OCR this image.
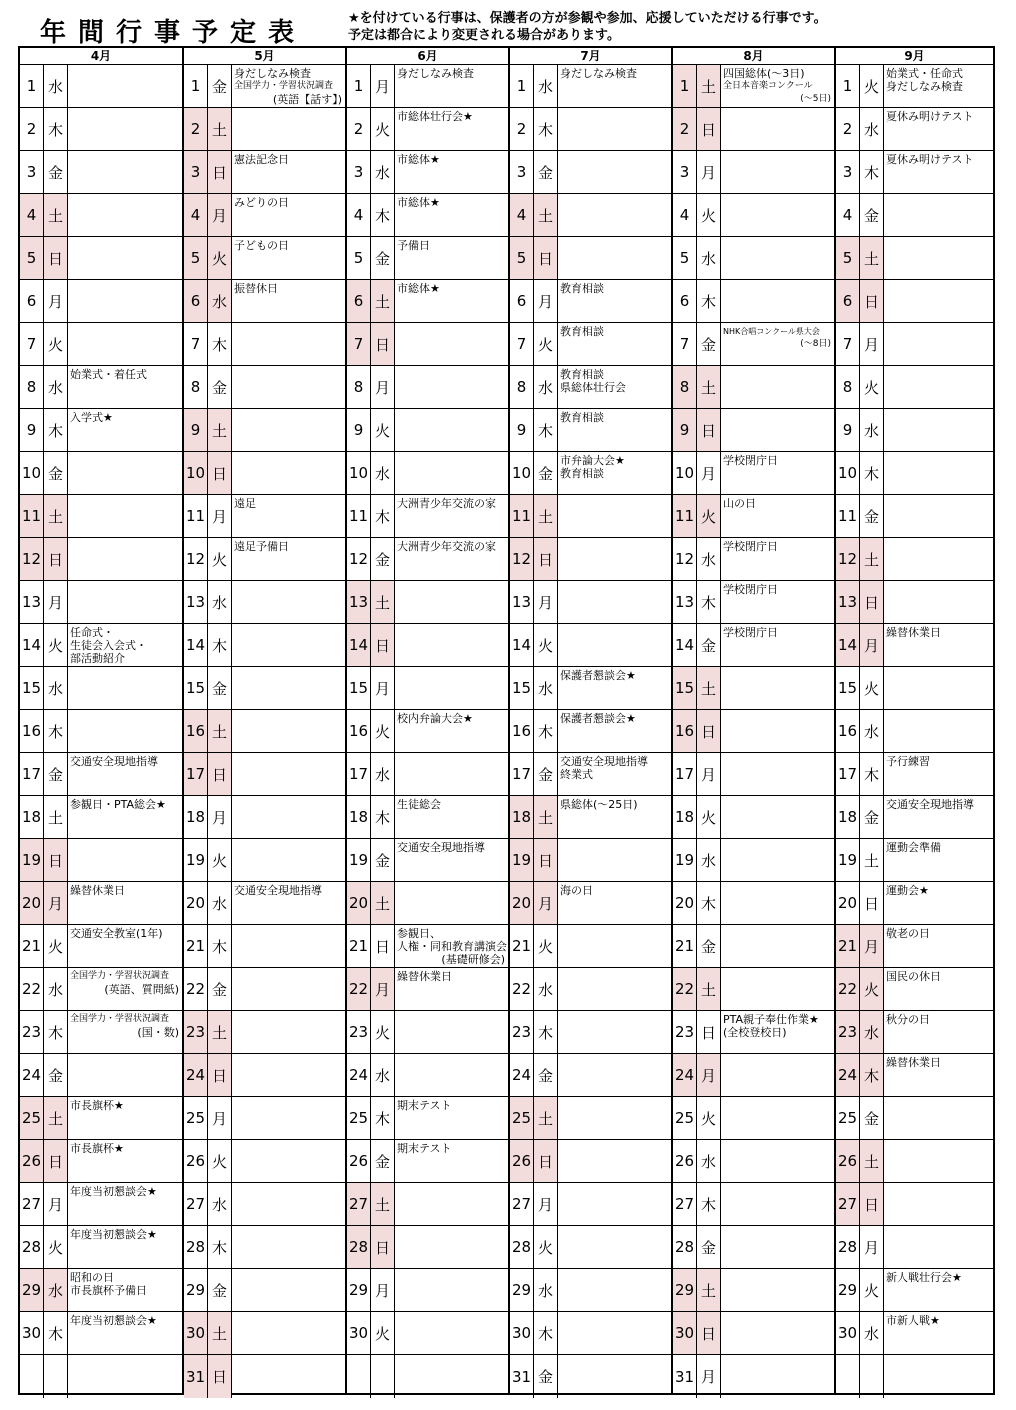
年間行事予定表	★を付けている行事は、保護者の方が参観や参加、応援していただける行事です。
予定は都合により変更される場合があります。
4月
1 水
2 木
3 金
4 土
5 日
6 月
7 火
8 水
始業式・着任式
9 木
入学式★
10 金
11 土
12 日
13 月
14 火
任命式・
生徒会入会式・
部活動紹介
15 水
16 木
17 金
交通安全現地指導
18 土
参観日・PTA総会★
19 日
20 月
繰替休業日
21 火
交通安全教室(1年)
22 水
全国学力・学習状況調査
(英語、質問紙)
23 木
全国学力・学習状況調査
(国・数)
24 金
25 土
市長旗杯★
26 日
市長旗杯★
27 月
年度当初懇談会★
28 火
年度当初懇談会★
29 水
昭和の日
市長旗杯予備日
30 木
年度当初懇談会★
5月
1 金
身だしなみ検査
全国学力・学習状況調査
(英語【話す】)
2 土
3 日
憲法記念日
4 月
みどりの日
5 火
子どもの日
6 水
振替休日
7 木
8 金
9 土
10 日
11 月
遠足
12 火
遠足予備日
13 水
14 木
15 金
16 土
17 日
18 月
19 火
20 水
交通安全現地指導
21 木
22 金
23 土
24 日
25 月
26 火
27 水
28 木
29 金
30 土
31 日
6月
1 月
身だしなみ検査
2 火
市総体壮行会★
3 水
市総体★
4 木
市総体★
5 金
予備日
6 土
市総体★
7 日
8 月
9 火
10 水
11 木
大洲青少年交流の家
12 金
大洲青少年交流の家
13 土
14 日
15 月
16 火
校内弁論大会★
17 水
18 木
生徒総会
19 金
交通安全現地指導
20 土
21 日
参観日、
人権・同和教育講演会
(基礎研修会)
22 月
繰替休業日
23 火
24 水
25 木
期末テスト
26 金
期末テスト
27 土
28 日
29 月
30 火
7月
1 水
身だしなみ検査
2 木
3 金
4 土
5 日
6 月
教育相談
7 火
教育相談
8 水
教育相談
県総体壮行会
9 木
教育相談
10 金
市弁論大会★
教育相談
11 土
12 日
13 月
14 火
15 水
保護者懇談会★
16 木
保護者懇談会★
17 金
交通安全現地指導
終業式
18 土
県総体(～25日)
19 日
20 月
海の日
21 火
22 水
23 木
24 金
25 土
26 日
27 月
28 火
29 水
30 木
31 金
8月
1 土
四国総体(～3日)
全日本音楽コンクール
(～5日)
2 日
3 月
4 火
5 水
6 木
7 金
NHK合唱コンクール県大会
(～8日)
8 土
9 日
10 月
学校閉庁日
11 火
山の日
12 水
学校閉庁日
13 木
学校閉庁日
14 金
学校閉庁日
15 土
16 日
17 月
18 火
19 水
20 木
21 金
22 土
23 日
PTA親子奉仕作業★
(全校登校日)
24 月
25 火
26 水
27 木
28 金
29 土
30 日
31 月
9月
1 火
始業式・任命式
身だしなみ検査
2 水
夏休み明けテスト
3 木
夏休み明けテスト
4 金
5 土
6 日
7 月
8 火
9 水
10 木
11 金
12 土
13 日
14 月
繰替休業日
15 火
16 水
17 木
予行練習
18 金
交通安全現地指導
19 土
運動会準備
20 日
運動会★
21 月
敬老の日
22 火
国民の休日
23 水
秋分の日
24 木
繰替休業日
25 金
26 土
27 日
28 月
29 火
新人戦壮行会★
30 水
市新人戦★
